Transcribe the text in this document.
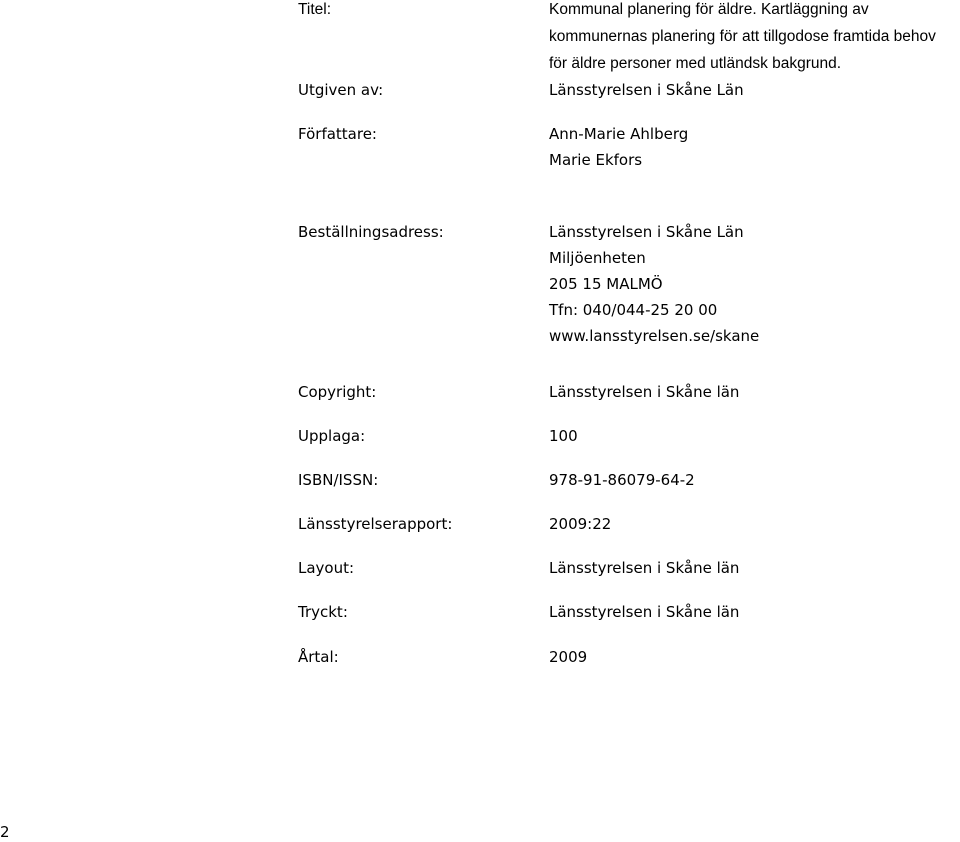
Titel:	Kommunal planering för äldre. Kartläggning av
kommunernas planering för att tillgodose framtida behov
för äldre personer med utländsk bakgrund.
Utgiven av:	Länsstyrelsen i Skåne Län
Författare:	Ann-Marie Ahlberg
Marie Ekfors
Beställningsadress:	Länsstyrelsen i Skåne Län
Miljöenheten
205 15 MALMÖ
Tfn: 040/044-25 20 00
www.lansstyrelsen.se/skane
Copyright:	Länsstyrelsen i Skåne län
Upplaga:	100
ISBN/ISSN:	978-91-86079-64-2
Länsstyrelserapport:	2009:22
Layout:	Länsstyrelsen i Skåne län
Tryckt:	Länsstyrelsen i Skåne län
Årtal:	2009
2
